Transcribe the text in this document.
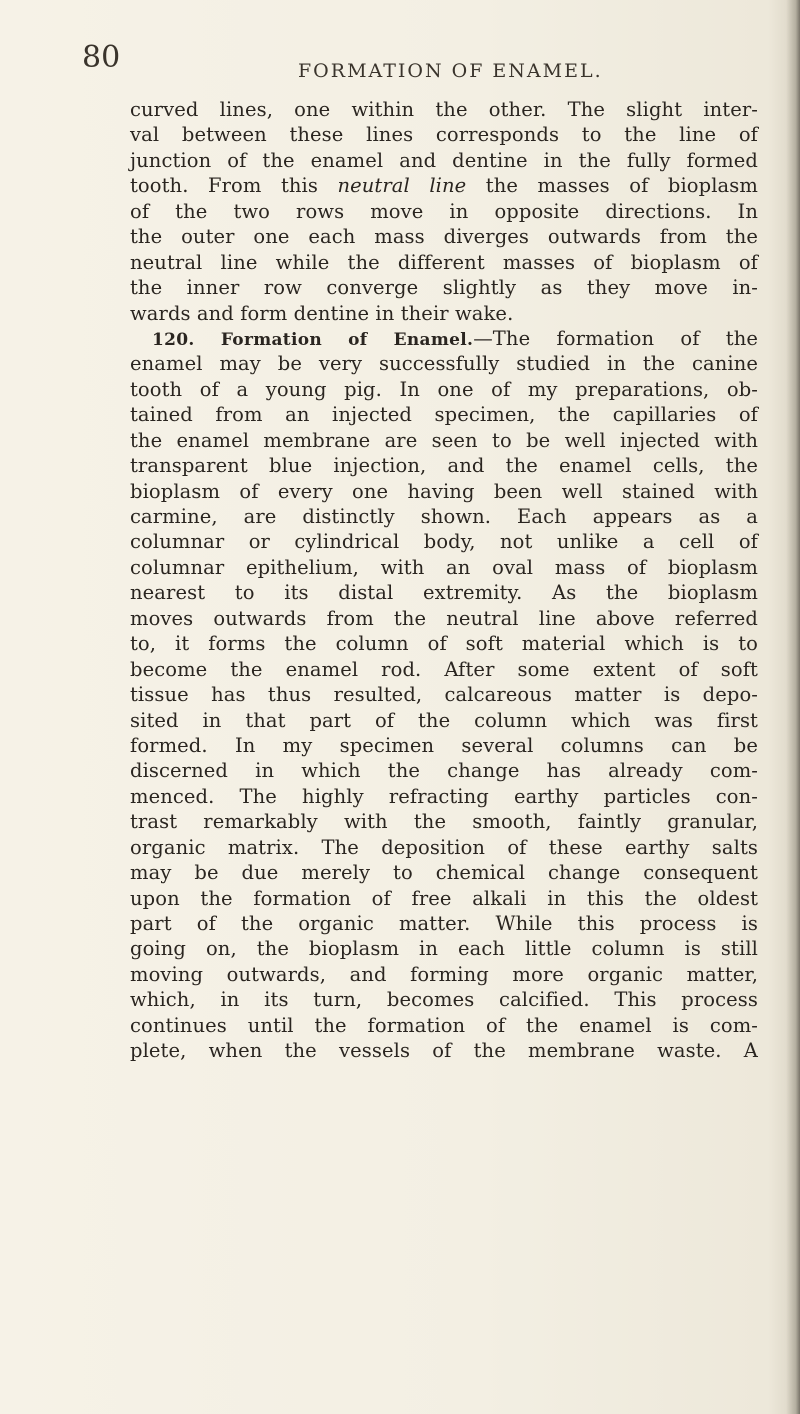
80	FORMATION OF ENAMEL.
curved lines, one within the other. The slight inter-
val between these lines corresponds to the line of
junction of the enamel and dentine in the fully formed
tooth. From this neutral line the masses of bioplasm
of the two rows move in opposite directions. In
the outer one each mass diverges outwards from the
neutral line while the different masses of bioplasm of
the inner row converge slightly as they move in-
wards and form dentine in their wake.
120. Formation of Enamel.—The formation of the
enamel may be very successfully studied in the canine
tooth of a young pig. In one of my preparations, ob-
tained from an injected specimen, the capillaries of
the enamel membrane are seen to be well injected with
transparent blue injection, and the enamel cells, the
bioplasm of every one having been well stained with
carmine, are distinctly shown. Each appears as a
columnar or cylindrical body, not unlike a cell of
columnar epithelium, with an oval mass of bioplasm
nearest to its distal extremity. As the bioplasm
moves outwards from the neutral line above referred
to, it forms the column of soft material which is to
become the enamel rod. After some extent of soft
tissue has thus resulted, calcareous matter is depo-
sited in that part of the column which was first
formed. In my specimen several columns can be
discerned in which the change has already com-
menced. The highly refracting earthy particles con-
trast remarkably with the smooth, faintly granular,
organic matrix. The deposition of these earthy salts
may be due merely to chemical change consequent
upon the formation of free alkali in this the oldest
part of the organic matter. While this process is
going on, the bioplasm in each little column is still
moving outwards, and forming more organic matter,
which, in its turn, becomes calcified. This process
continues until the formation of the enamel is com-
plete, when the vessels of the membrane waste. A
